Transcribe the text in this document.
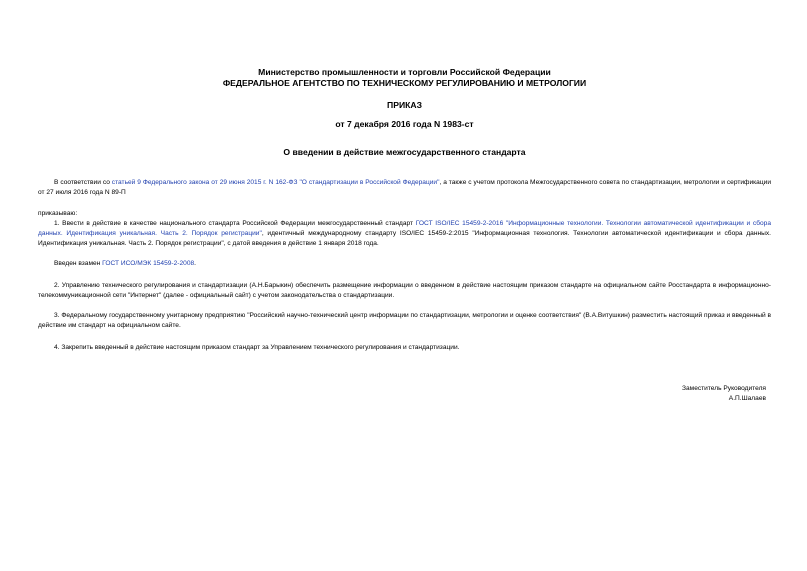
Министерство промышленности и торговли Российской Федерации
ФЕДЕРАЛЬНОЕ АГЕНТСТВО ПО ТЕХНИЧЕСКОМУ РЕГУЛИРОВАНИЮ И МЕТРОЛОГИИ
ПРИКАЗ
от 7 декабря 2016 года N 1983-ст
О введении в действие межгосударственного стандарта
В соответствии со статьей 9 Федерального закона от 29 июня 2015 г. N 162-ФЗ "О стандартизации в Российской Федерации", а также с учетом протокола Межгосударственного совета по стандартизации, метрологии и сертификации от 27 июля 2016 года N 89-П
приказываю:
1. Ввести в действие в качестве национального стандарта Российской Федерации межгосударственный стандарт ГОСТ ISO/IEC 15459-2-2016 "Информационные технологии. Технологии автоматической идентификации и сбора данных. Идентификация уникальная. Часть 2. Порядок регистрации", идентичный международному стандарту ISO/IEC 15459-2:2015 "Информационная технология. Технологии автоматической идентификации и сбора данных. Идентификация уникальная. Часть 2. Порядок регистрации", с датой введения в действие 1 января 2018 года.
Введен взамен ГОСТ ИСО/МЭК 15459-2-2008.
2. Управлению технического регулирования и стандартизации (А.Н.Барыкин) обеспечить размещение информации о введенном в действие настоящим приказом стандарте на официальном сайте Росстандарта в информационно-телекоммуникационной сети "Интернет" (далее - официальный сайт) с учетом законодательства о стандартизации.
3. Федеральному государственному унитарному предприятию "Российский научно-технический центр информации по стандартизации, метрологии и оценке соответствия" (В.А.Витушкин) разместить настоящий приказ и введенный в действие им стандарт на официальном сайте.
4. Закрепить введенный в действие настоящим приказом стандарт за Управлением технического регулирования и стандартизации.
Заместитель Руководителя
А.П.Шалаев
